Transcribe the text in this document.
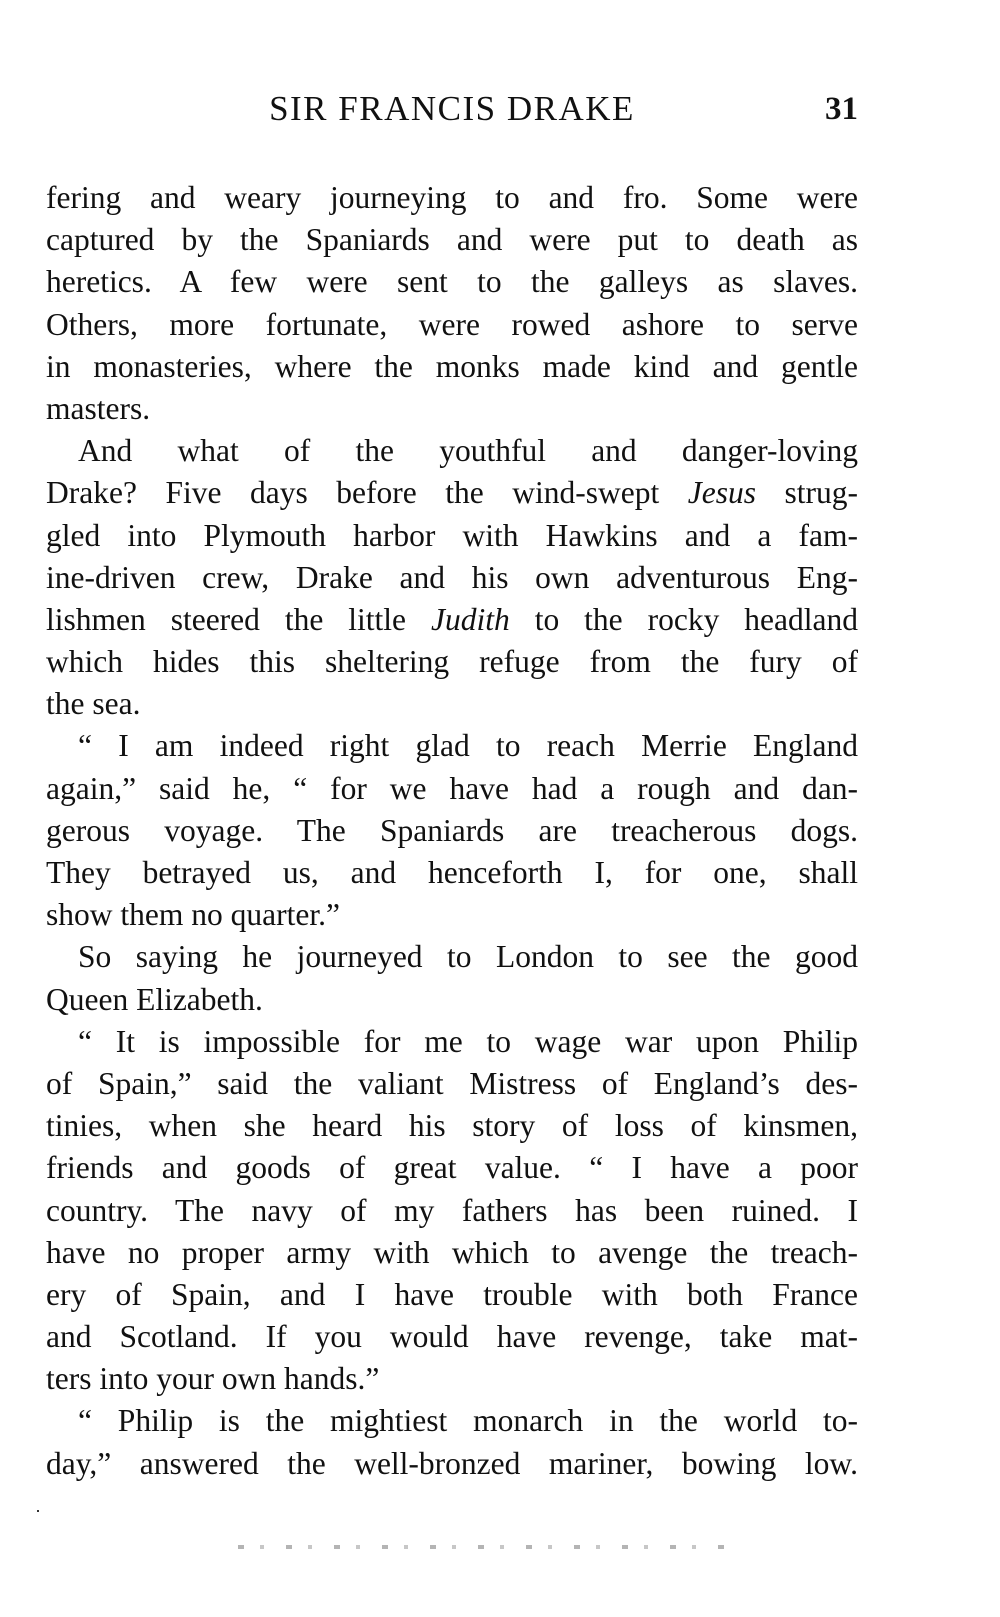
SIR FRANCIS DRAKE	31
fering and weary journeying to and fro. Some were
captured by the Spaniards and were put to death as
heretics. A few were sent to the galleys as slaves.
Others, more fortunate, were rowed ashore to serve
in monasteries, where the monks made kind and gentle
masters.
And what of the youthful and danger-loving
Drake? Five days before the wind-swept Jesus strug-
gled into Plymouth harbor with Hawkins and a fam-
ine-driven crew, Drake and his own adventurous Eng-
lishmen steered the little Judith to the rocky headland
which hides this sheltering refuge from the fury of
the sea.
“ I am indeed right glad to reach Merrie England
again,” said he, “ for we have had a rough and dan-
gerous voyage. The Spaniards are treacherous dogs.
They betrayed us, and henceforth I, for one, shall
show them no quarter.”
So saying he journeyed to London to see the good
Queen Elizabeth.
“ It is impossible for me to wage war upon Philip
of Spain,” said the valiant Mistress of England’s des-
tinies, when she heard his story of loss of kinsmen,
friends and goods of great value. “ I have a poor
country. The navy of my fathers has been ruined. I
have no proper army with which to avenge the treach-
ery of Spain, and I have trouble with both France
and Scotland. If you would have revenge, take mat-
ters into your own hands.”
“ Philip is the mightiest monarch in the world to-
day,” answered the well-bronzed mariner, bowing low.
